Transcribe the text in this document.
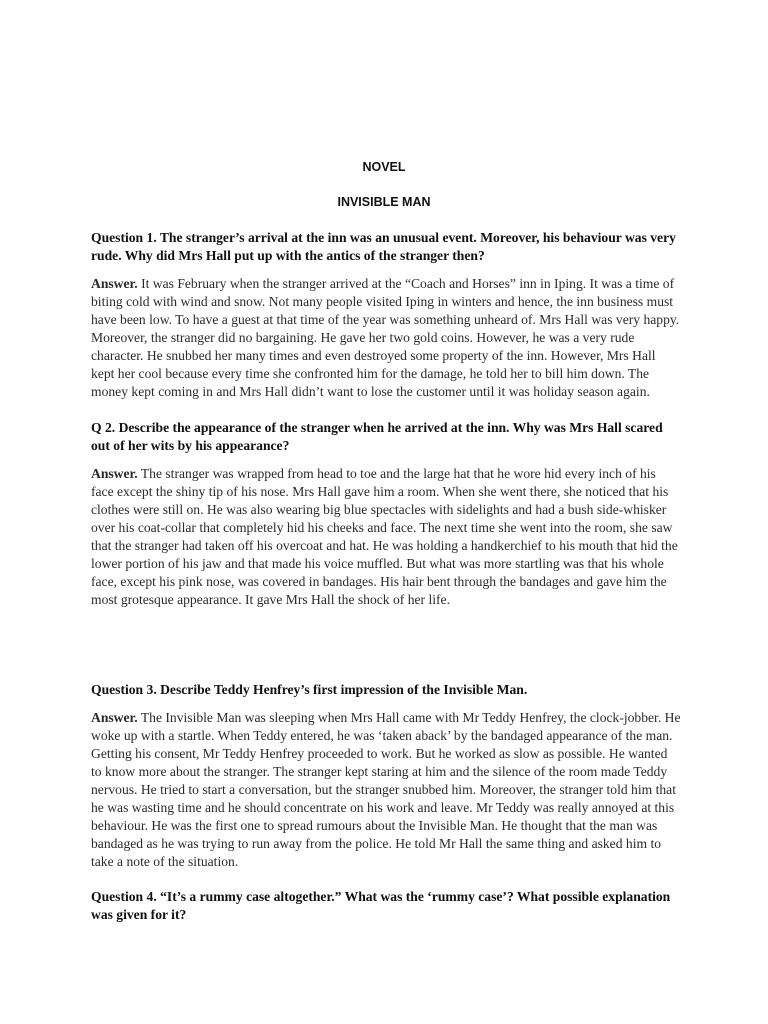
NOVEL
INVISIBLE MAN

Question 1. The stranger’s arrival at the inn was an unusual event. Moreover, his behaviour was very rude. Why did Mrs Hall put up with the antics of the stranger then?

Answer. It was February when the stranger arrived at the “Coach and Horses” inn in Iping. It was a time of biting cold with wind and snow. Not many people visited Iping in winters and hence, the inn business must have been low. To have a guest at that time of the year was something unheard of. Mrs Hall was very happy. Moreover, the stranger did no bargaining. He gave her two gold coins. However, he was a very rude character. He snubbed her many times and even destroyed some property of the inn. However, Mrs Hall kept her cool because every time she confronted him for the damage, he told her to bill him down. The money kept coming in and Mrs Hall didn’t want to lose the customer until it was holiday season again.

Q 2. Describe the appearance of the stranger when he arrived at the inn. Why was Mrs Hall scared out of her wits by his appearance?

Answer. The stranger was wrapped from head to toe and the large hat that he wore hid every inch of his face except the shiny tip of his nose. Mrs Hall gave him a room. When she went there, she noticed that his clothes were still on. He was also wearing big blue spectacles with sidelights and had a bush side-whisker over his coat-collar that completely hid his cheeks and face. The next time she went into the room, she saw that the stranger had taken off his overcoat and hat. He was holding a handkerchief to his mouth that hid the lower portion of his jaw and that made his voice muffled. But what was more startling was that his whole face, except his pink nose, was covered in bandages. His hair bent through the bandages and gave him the most grotesque appearance. It gave Mrs Hall the shock of her life.

Question 3. Describe Teddy Henfrey’s first impression of the Invisible Man.

Answer. The Invisible Man was sleeping when Mrs Hall came with Mr Teddy Henfrey, the clock-jobber. He woke up with a startle. When Teddy entered, he was ‘taken aback’ by the bandaged appearance of the man. Getting his consent, Mr Teddy Henfrey proceeded to work. But he worked as slow as possible. He wanted to know more about the stranger. The stranger kept staring at him and the silence of the room made Teddy nervous. He tried to start a conversation, but the stranger snubbed him. Moreover, the stranger told him that he was wasting time and he should concentrate on his work and leave. Mr Teddy was really annoyed at this behaviour. He was the first one to spread rumours about the Invisible Man. He thought that the man was bandaged as he was trying to run away from the police. He told Mr Hall the same thing and asked him to take a note of the situation.

Question 4. “It’s a rummy case altogether.” What was the ‘rummy case’? What possible explanation was given for it?
